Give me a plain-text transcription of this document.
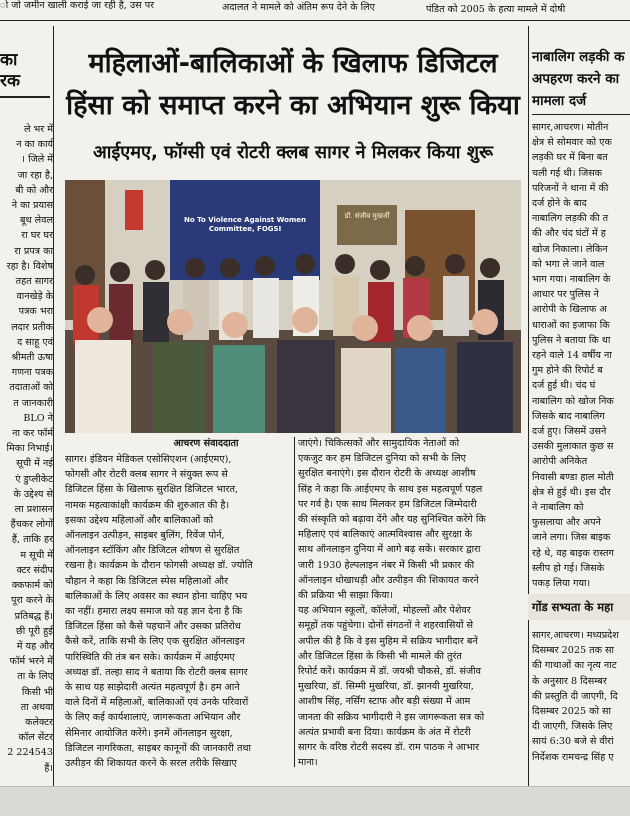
ो जो जमीन खाली कराई जा रही है, उस पर	अदालत ने मामले को अंतिम रूप देने के लिए	पंडित को 2005 के हत्या मामले में दोषी
का
रक
ले भर में
न का कार्य
। जिले में
जा रहा है,
बी को और
ने का प्रयास
बूथ लेवल
रा घर घर
रा प्रपत्र का
रहा है। विशेष
तहत सागर
वानखेड़े के
पत्रक भरा
लदार प्रतीक
द साहू एवं
श्रीमती ऊषा
गणना पत्रक
तदाताओं को
त जानकारी
BLO ने
ना कर फॉर्म
मिका निभाई।
सूची में नई
एं डुप्लीकेट
के उद्देश्य से
ला प्रशासन
हैंचकर लोगों
हैं, ताकि हर
म सूची में
क्टर संदीप
क्कफार्म को
पूरा करने के
प्रतिबद्ध हैं।
छी पूरी हुई
में यह और
फॉर्म भरने में
ता के लिए
किसी भी
ता अथवा
कलेक्टर
कॉल सेंटर
2 224543
हैं।
महिलाओं-बालिकाओं के खिलाफ डिजिटल
हिंसा को समाप्त करने का अभियान शुरू किया
आईएमए, फॉग्सी एवं रोटरी क्लब सागर ने मिलकर किया शुरू
No To Violence Against Women Committee, FOGSI
डॉ. संजीव मुखर्जी
आचरण संवाददाता
सागर। इंडियन मेडिकल एसोसिएशन (आईएमए),
फोगसी और रोटरी क्लब सागर ने संयुक्त रूप से
डिजिटल हिंसा के खिलाफ सुरक्षित डिजिटल भारत,
नामक महत्वाकांक्षी कार्यक्रम की शुरुआत की है।
इसका उद्देश्य महिलाओं और बालिकाओं को
ऑनलाइन उत्पीड़न, साइबर बुलिंग, रिवेंज पोर्न,
ऑनलाइन स्टॉकिंग और डिजिटल शोषण से सुरक्षित
रखना है। कार्यक्रम के दौरान फोगसी अध्यक्ष डॉ. ज्योति
चौहान ने कहा कि डिजिटल स्पेस महिलाओं और
बालिकाओं के लिए अवसर का स्थान होना चाहिए भय
का नहीं। हमारा लक्ष्य समाज को यह ज्ञान देना है कि
डिजिटल हिंसा को कैसे पहचानें और उसका प्रतिरोध
कैसे करें, ताकि सभी के लिए एक सुरक्षित ऑनलाइन
पारिस्थिति की तंत्र बन सके। कार्यक्रम में आईएमए
अध्यक्ष डॉ. तल्हा साद ने बताया कि रोटरी क्लब सागर
के साथ यह साझेदारी अत्यंत महत्वपूर्ण है। हम आने
वाले दिनों में महिलाओं, बालिकाओं एवं उनके परिवारों
के लिए कई कार्यशालाएं, जागरूकता अभियान और
सेमिनार आयोजित करेंगे। इनमें ऑनलाइन सुरक्षा,
डिजिटल नागरिकता, साइबर कानूनों की जानकारी तथा
उत्पीड़न की शिकायत करने के सरल तरीके सिखाए
जाएंगे। चिकित्सकों और सामुदायिक नेताओं को
एकजुट कर हम डिजिटल दुनिया को सभी के लिए
सुरक्षित बनाएंगे। इस दौरान रोटरी के अध्यक्ष आशीष
सिंह ने कहा कि आईएमए के साथ इस महत्वपूर्ण पहल
पर गर्व है। एक साथ मिलकर हम डिजिटल जिम्मेदारी
की संस्कृति को बढ़ावा देंगे और यह सुनिश्चित करेंगे कि
महिलाएं एवं बालिकाएं आत्मविश्वास और सुरक्षा के
साथ ऑनलाइन दुनिया में आगे बढ़ सकें। सरकार द्वारा
जारी 1930 हेल्पलाइन नंबर में किसी भी प्रकार की
ऑनलाइन धोखाधड़ी और उत्पीड़न की शिकायत करने
की प्रक्रिया भी साझा किया।
यह अभियान स्कूलों, कॉलेजों, मोहल्लों और पेशेवर
समूहों तक पहुंचेगा। दोनों संगठनों ने शहरवासियों से
अपील की है कि वे इस मुहिम में सक्रिय भागीदार बनें
और डिजिटल हिंसा के किसी भी मामले की तुरंत
रिपोर्ट करें। कार्यक्रम में डॉ. जयश्री चौकसे, डॉ. संजीव
मुखरिया, डॉ. सिम्मी मुखरिया, डॉ. झानवी मुखरिया,
आशीष सिंह, नर्सिंग स्टाफ और बड़ी संख्या में आम
जानता की सक्रिय भागीदारी ने इस जागरूकता सत्र को
अत्यंत प्रभावी बना दिया। कार्यक्रम के अंत में रोटरी
सागर के वरिष्ठ रोटरी सदस्य डॉ. राम पाठक ने आभार
माना।
नाबालिग लड़की क
अपहरण करने का
मामला दर्ज
सागर,आचरण। मोतीन
क्षेत्र से सोमवार को एक
लड़की घर में बिना बत
चली गई थी। जिसक
परिजनों ने थाना में की
दर्ज होने के बाद
नाबालिग लड़की की त
की और चंद घंटों में ह
खोज निकाला। लेकिन
को भगा ले जाने वाल
भाग गया। नाबालिग के
आधार पर पुलिस ने
आरोपी के खिलाफ अ
धाराओं का इजाफा कि
पुलिस ने बताया कि था
रहने वाले 14 वर्षीय ना
गुम होने की रिपोर्ट ब
दर्ज हुई थी। चंद घं
नाबालिग को खोज निक
जिसके बाद नाबालिग
दर्ज हुए। जिसमें उसने
उसकी मुलाकात कुछ स
आरोपी अनिकेत
निवासी बण्डा हाल मोती
क्षेत्र से हुई थी। इस दौर
ने नाबालिग को
फुसलाया और अपने
जाने लगा। जिस बाइक
रहे थे, वह बाइक रास्तग
स्लीप हो गई। जिसके
पकड़ लिया गया।
गोंड सभ्यता के महा
सागर,आचरण। मध्यप्रदेश
दिसम्बर 2025 तक सा
की गाथाओं का नृत्य नाट
के अनुसार 8 दिसम्बर
की प्रस्तुति दी जाएगी, दि
दिसम्बर 2025 को सा
दी जाएगी, जिसके लिए
सायं 6:30 बजे से वीरां
निर्देशक रामचन्द्र सिंह ए
